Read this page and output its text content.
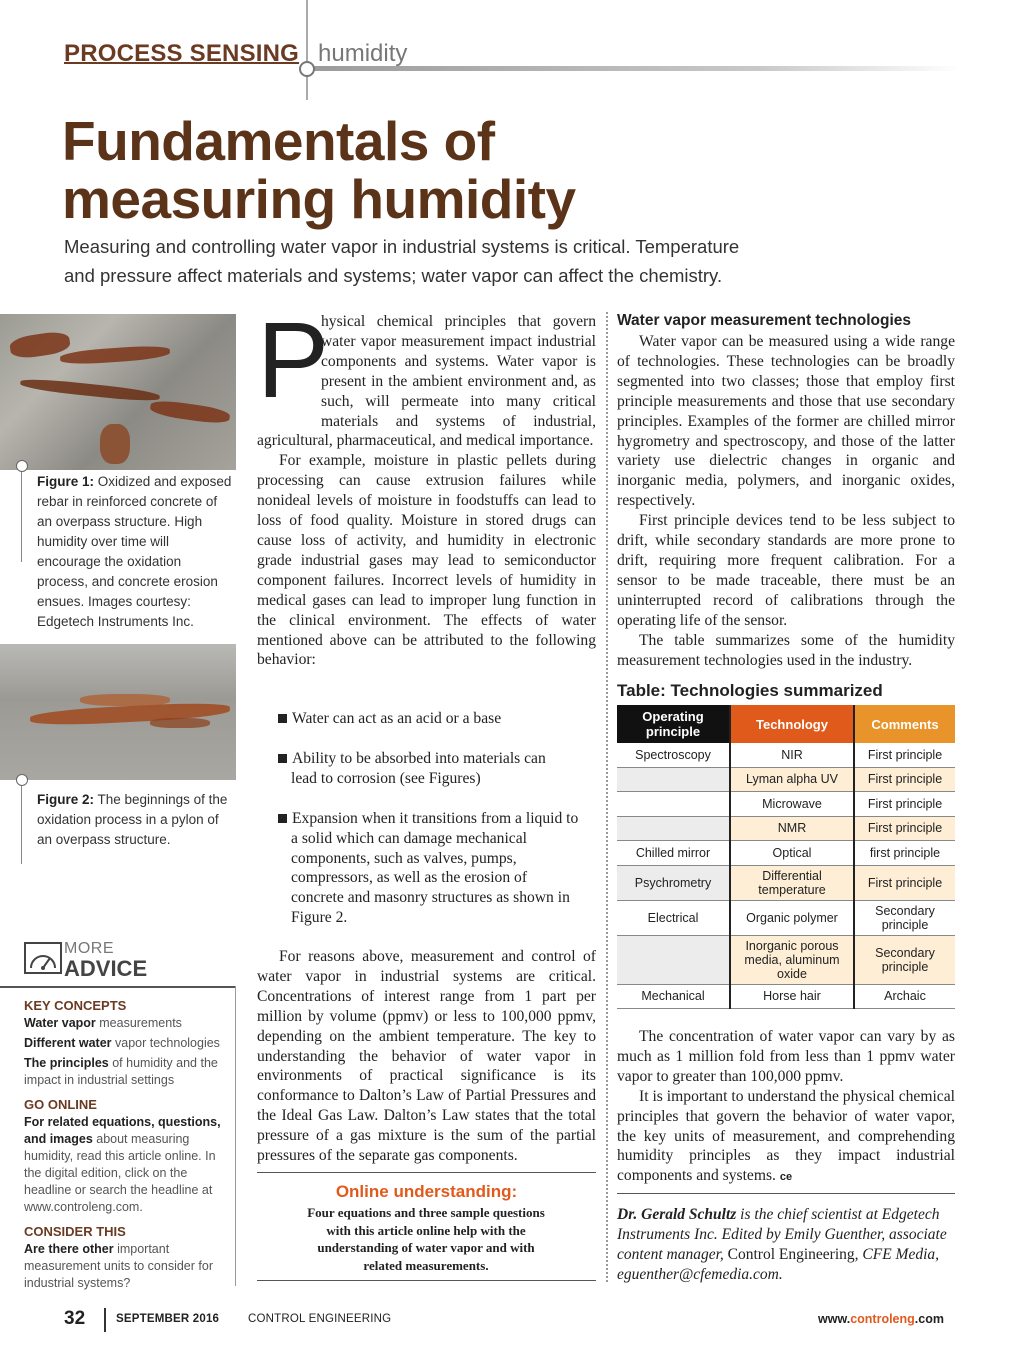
PROCESS SENSING humidity
Fundamentals of measuring humidity
Measuring and controlling water vapor in industrial systems is critical. Temperature
and pressure affect materials and systems; water vapor can affect the chemistry.
Figure 1: Oxidized and exposed rebar in reinforced concrete of an overpass structure. High humidity over time will encourage the oxidation process, and concrete erosion ensues. Images courtesy: Edgetech Instruments Inc.
Figure 2: The beginnings of the oxidation process in a pylon of an overpass structure.
MORE
ADVICE
KEY CONCEPTS
Water vapor measurements
Different water vapor technologies
The principles of humidity and the impact in industrial settings
GO ONLINE
For related equations, questions, and images about measuring humidity, read this article online. In the digital edition, click on the headline or search the headline at www.controleng.com.
CONSIDER THIS
Are there other important measurement units to consider for industrial systems?
P

hysical chemical principles that govern water vapor measurement impact industrial components and systems. Water vapor is present in the ambient environment and, as such, will permeate into many critical materials and systems of industrial, agricultural, pharmaceutical, and medical importance.

For example, moisture in plastic pellets during processing can cause extrusion failures while nonideal levels of moisture in foodstuffs can lead to loss of food quality. Moisture in stored drugs can cause loss of activity, and humidity in electronic grade industrial gases may lead to semiconductor component failures. Incorrect levels of humidity in medical gases can lead to improper lung function in the clinical environment. The effects of water mentioned above can be attributed to the following behavior:

Water can act as an acid or a base
Ability to be absorbed into materials can lead to corrosion (see Figures)
Expansion when it transitions from a liquid to a solid which can damage mechanical components, such as valves, pumps, compressors, as well as the erosion of concrete and masonry structures as shown in Figure 2.

For reasons above, measurement and control of water vapor in industrial systems are critical. Concentrations of interest range from 1 part per million by volume (ppmv) or less to 100,000 ppmv, depending on the ambient temperature. The key to understanding the behavior of water vapor in environments of practical significance is its conformance to Dalton’s Law of Partial Pressures and the Ideal Gas Law. Dalton’s Law states that the total pressure of a gas mixture is the sum of the partial pressures of the separate gas components.

Online understanding:
Four equations and three sample questions with this article online help with the understanding of water vapor and with related measurements.
Water vapor measurement technologies

Water vapor can be measured using a wide range of technologies. These technologies can be broadly segmented into two classes; those that employ first principle measurements and those that use secondary principles. Examples of the former are chilled mirror hygrometry and spectroscopy, and those of the latter variety use dielectric changes in organic and inorganic media, polymers, and inorganic oxides, respectively.

First principle devices tend to be less subject to drift, while secondary standards are more prone to drift, requiring more frequent calibration. For a sensor to be made traceable, there must be an uninterrupted record of calibrations through the operating life of the sensor.

The table summarizes some of the humidity measurement technologies used in the industry.

Table: Technologies summarized
Operating principle	Technology	Comments
Spectroscopy	NIR	First principle
	Lyman alpha UV	First principle
	Microwave	First principle
	NMR	First principle
Chilled mirror	Optical	first principle
Psychrometry	Differential temperature	First principle
Electrical	Organic polymer	Secondary principle
	Inorganic porous media, aluminum oxide	Secondary principle
Mechanical	Horse hair	Archaic

The concentration of water vapor can vary by as much as 1 million fold from less than 1 ppmv water vapor to greater than 100,000 ppmv.

It is important to understand the physical chemical principles that govern the behavior of water vapor, the key units of measurement, and comprehending humidity principles as they impact industrial components and systems. ce

Dr. Gerald Schultz is the chief scientist at Edgetech Instruments Inc. Edited by Emily Guenther, associate content manager, Control Engineering, CFE Media, eguenther@cfemedia.com.
32	SEPTEMBER 2016	CONTROL ENGINEERING	www.controleng.com
